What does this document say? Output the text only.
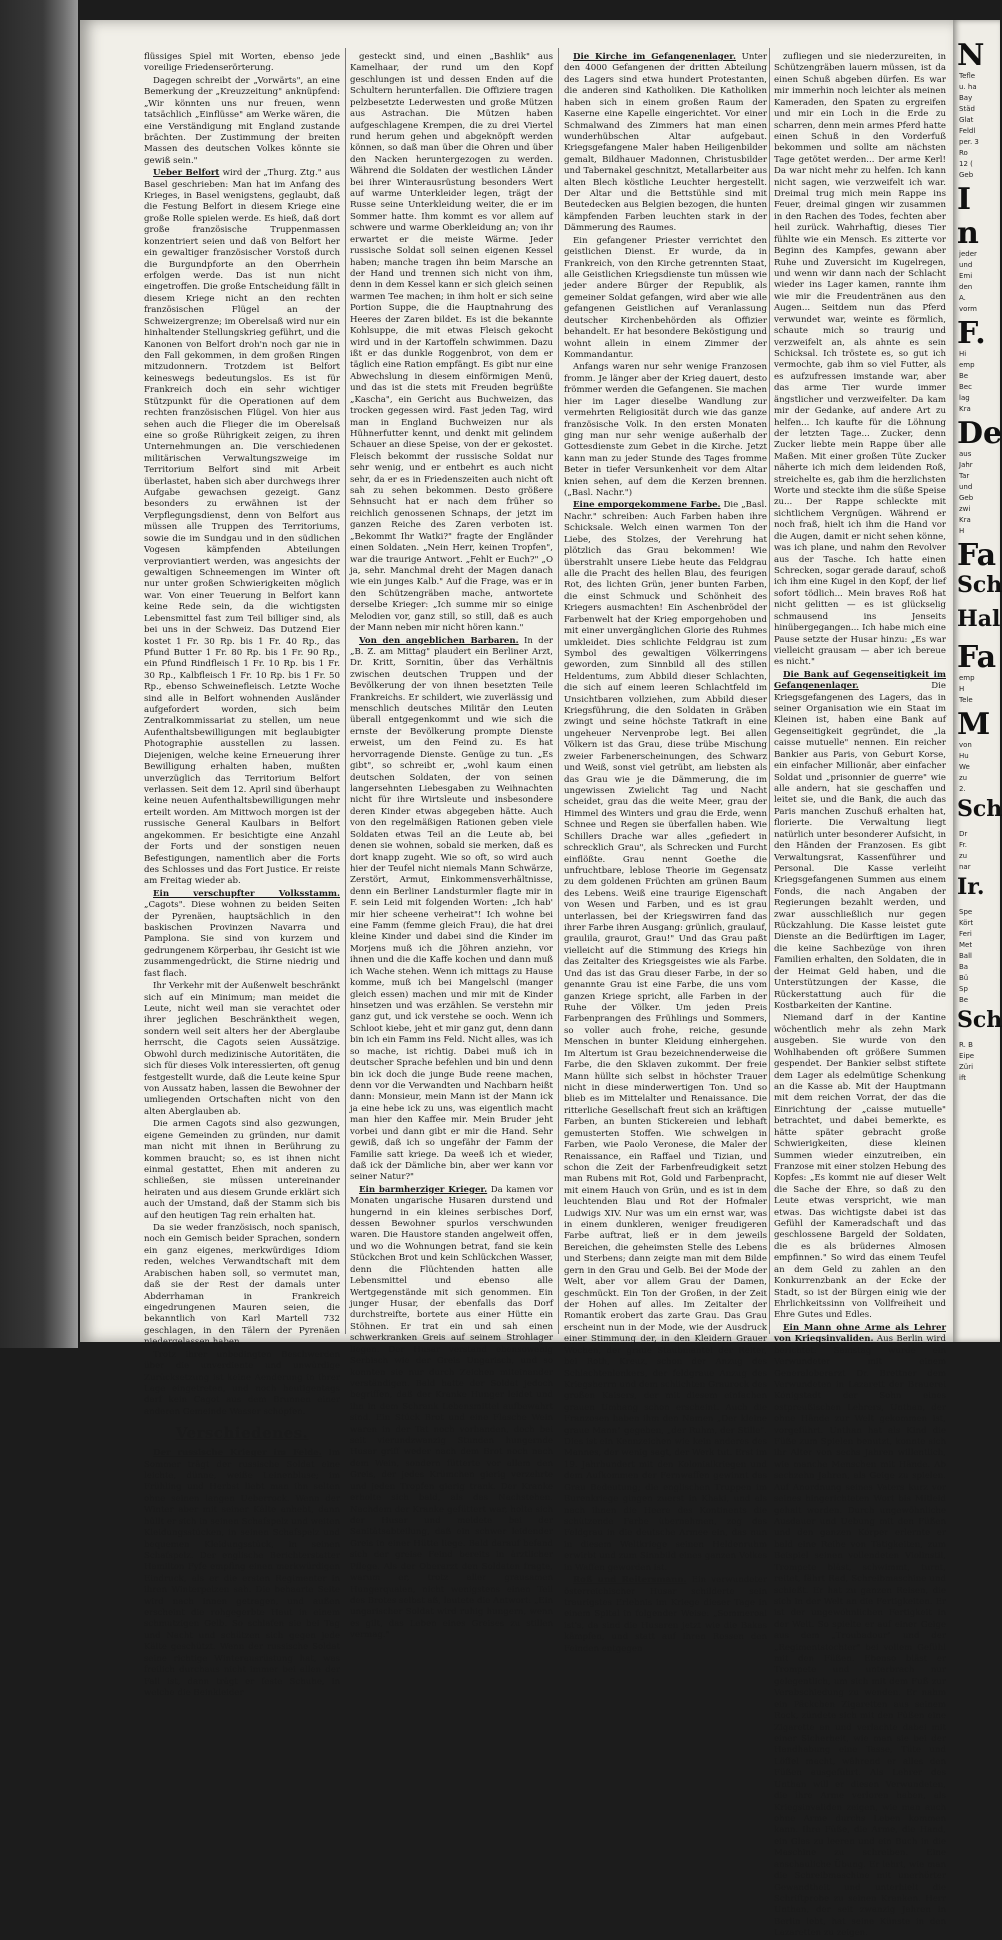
flüssiges Spiel mit Worten, ebenso jede voreilige Friedenserörterung.

Dagegen schreibt der „Vorwärts", an eine Bemerkung der „Kreuzzeitung" anknüpfend: „Wir könnten uns nur freuen, wenn tatsächlich „Einflüsse" am Werke wären, die eine Verständigung mit England zustande brächten. Der Zustimmung der breiten Massen des deutschen Volkes könnte sie gewiß sein."

Ueber Belfort wird der „Thurg. Ztg." aus Basel geschrieben: Man hat im Anfang des Krieges, in Basel wenigstens, geglaubt, daß die Festung Belfort in diesem Kriege eine große Rolle spielen werde. Es hieß, daß dort große französische Truppenmassen konzentriert seien und daß von Belfort her ein gewaltiger französischer Vorstoß durch die Burgundpforte an den Oberrhein erfolgen werde. Das ist nun nicht eingetroffen. Die große Entscheidung fällt in diesem Kriege nicht an den rechten französischen Flügel an der Schweizergrenze; im Oberelsaß wird nur ein hinhaltender Stellungskrieg geführt, und die Kanonen von Belfort droh'n noch gar nie in den Fall gekommen, in dem großen Ringen mitzudonnern. Trotzdem ist Belfort keineswegs bedeutungslos. Es ist für Frankreich doch ein sehr wichtiger Stützpunkt für die Operationen auf dem rechten französischen Flügel. Von hier aus sehen auch die Flieger die im Oberelsaß eine so große Rührigkeit zeigen, zu ihren Unternehmungen an. Die verschiedenen militärischen Verwaltungszweige im Territorium Belfort sind mit Arbeit überlastet, haben sich aber durchwegs ihrer Aufgabe gewachsen gezeigt. Ganz besonders zu erwähnen ist der Verpflegungsdienst, denn von Belfort aus müssen alle Truppen des Territoriums, sowie die im Sundgau und in den südlichen Vogesen kämpfenden Abteilungen verproviantiert werden, was angesichts der gewaltigen Schneemengen im Winter oft nur unter großen Schwierigkeiten möglich war. Von einer Teuerung in Belfort kann keine Rede sein, da die wichtigsten Lebensmittel fast zum Teil billiger sind, als bei uns in der Schweiz. Das Dutzend Eier kostet 1 Fr. 30 Rp. bis 1 Fr. 40 Rp., das Pfund Butter 1 Fr. 80 Rp. bis 1 Fr. 90 Rp., ein Pfund Rindfleisch 1 Fr. 10 Rp. bis 1 Fr. 30 Rp., Kalbfleisch 1 Fr. 10 Rp. bis 1 Fr. 50 Rp., ebenso Schweinefleisch. Letzte Woche sind alle in Belfort wohnenden Ausländer aufgefordert worden, sich beim Zentralkommissariat zu stellen, um neue Aufenthaltsbewilligungen mit beglaubigter Photographie ausstellen zu lassen. Diejenigen, welche keine Erneuerung ihrer Bewilligung erhalten haben, mußten unverzüglich das Territorium Belfort verlassen. Seit dem 12. April sind überhaupt keine neuen Aufenthaltsbewilligungen mehr erteilt worden. Am Mittwoch morgen ist der russische General Kaulbars in Belfort angekommen. Er besichtigte eine Anzahl der Forts und der sonstigen neuen Befestigungen, namentlich aber die Forts des Schlosses und das Fort Justice. Er reiste am Freitag wieder ab.

Ein verschupfter Volksstamm. „Cagots". Diese wohnen zu beiden Seiten der Pyrenäen, hauptsächlich in den baskischen Provinzen Navarra und Pamplona. Sie sind von kurzem und gedrungenem Körperbau, ihr Gesicht ist wie zusammengedrückt, die Stirne niedrig und fast flach.

Ihr Verkehr mit der Außenwelt beschränkt sich auf ein Minimum; man meidet die Leute, nicht weil man sie verachtet oder ihrer jeglichen Beschränktheit wegen, sondern weil seit alters her der Aberglaube herrscht, die Cagots seien Aussätzige. Obwohl durch medizinische Autoritäten, die sich für dieses Volk interessierten, oft genug festgestellt wurde, daß die Leute keine Spur von Aussatz haben, lassen die Bewohner der umliegenden Ortschaften nicht von den alten Aberglauben ab.

Die armen Cagots sind also gezwungen, eigene Gemeinden zu gründen, nur damit man nicht mit ihnen in Berührung zu kommen braucht; so, es ist ihnen nicht einmal gestattet, Ehen mit anderen zu schließen, sie müssen untereinander heiraten und aus diesem Grunde erklärt sich auch der Umstand, daß der Stamm sich bis auf den heutigen Tag rein erhalten hat.

Da sie weder französisch, noch spanisch, noch ein Gemisch beider Sprachen, sondern ein ganz eigenes, merkwürdiges Idiom reden, welches Verwandtschaft mit dem Arabischen haben soll, so vermutet man, daß sie der Rest der damals unter Abderrhaman in Frankreich eingedrungenen Mauren seien, die bekanntlich von Karl Martell 732 geschlagen, in den Tälern der Pyrenäen niedergelassen haben.

Trotz ihrer unbedingten Beschwerden über die unverdiente und unwürdige Zurücksetzung ist keine Aenderung in ihrer Lage eingetreten, und noch heutigentags darf kein Cagot aus dem Brunnen einer anderen Gemeinde Wasser schöpfen.

Verschiedenes.

Der russische Krieger im Felde. Im Sommer trägt der russische Soldat eine leichte, dünne, weiße Leinenbluse; im Frühling und Herbst liebt man ihn selten ohne seinen langen Ueberrock. Wenn der Winter aber mit seiner Kälte anhebt, dann hüllt er sich in seinen Schafspelz und weiten Kleidungsstücken, in seinen Schafspelz und bequemen Kleidungsstück, in seinen Schafspelz. Der englische Berichterstatter Hamilton Fyfe empfing einen merkwürdigen Eindruck, als er die ersten Regimenter in ihren Winterpelzen sah. Die behaarte Seite wird nach innen getragen, und außen erscheint die rohgegerbte Haut in einem schmutzigen Gelb. So schlafen sie bei Tag und Nacht und schützen sich gegen jede Kälte geschützt. Wenn der russische Soldat seine richtige Winterausrüstung hat, was freilich durchaus nicht immer bei allen der Fall ist, dann trägt er feste Schuhe, in welche die Beinkleider

gesteckt sind, und einen „Bashlik" aus Kamelhaar, der rund um den Kopf geschlungen ist und dessen Enden auf die Schultern herunterfallen. Die Offiziere tragen pelzbesetzte Lederwesten und große Mützen aus Astrachan. Die Mützen haben aufgeschlagene Krempen, die zu drei Viertel rund herum gehen und abgeknöpft werden können, so daß man über die Ohren und über den Nacken heruntergezogen zu werden. Während die Soldaten der westlichen Länder bei ihrer Winterausrüstung besonders Wert auf warme Unterkleider legen, trägt der Russe seine Unterkleidung weiter, die er im Sommer hatte. Ihm kommt es vor allem auf schwere und warme Oberkleidung an; von ihr erwartet er die meiste Wärme. Jeder russische Soldat soll seinen eigenen Kessel haben; manche tragen ihn beim Marsche an der Hand und trennen sich nicht von ihm, denn in dem Kessel kann er sich gleich seinen warmen Tee machen; in ihm holt er sich seine Portion Suppe, die die Hauptnahrung des Heeres der Zaren bildet. Es ist die bekannte Kohlsuppe, die mit etwas Fleisch gekocht wird und in der Kartoffeln schwimmen. Dazu ißt er das dunkle Roggenbrot, von dem er täglich eine Ration empfängt. Es gibt nur eine Abwechslung in diesem einförmigen Menü, und das ist die stets mit Freuden begrüßte „Kascha", ein Gericht aus Buchweizen, das trocken gegessen wird. Fast jeden Tag, wird man in England Buchweizen nur als Hühnerfutter kennt, und denkt mit gelindem Schauer an diese Speise, von der er gekostet. Fleisch bekommt der russische Soldat nur sehr wenig, und er entbehrt es auch nicht sehr, da er es in Friedenszeiten auch nicht oft sah zu sehen bekommen. Desto größere Sehnsucht hat er nach dem früher so reichlich genossenen Schnaps, der jetzt im ganzen Reiche des Zaren verboten ist. „Bekommt Ihr Watki?" fragte der Engländer einen Soldaten. „Nein Herr, keinen Tropfen", war die traurige Antwort. „Fehlt er Euch?" „O ja, sehr. Manchmal dreht der Magen danach wie ein junges Kalb." Auf die Frage, was er in den Schützengräben mache, antwortete derselbe Krieger: „Ich summe mir so einige Melodien vor, ganz still, so still, daß es auch der Mann neben mir nicht hören kann."

Von den angeblichen Barbaren. In der „B. Z. am Mittag" plaudert ein Berliner Arzt, Dr. Kritt, Sornitin, über das Verhältnis zwischen deutschen Truppen und der Bevölkerung der von ihnen besetzten Teile Frankreichs. Er schildert, wie zuverlässig und menschlich deutsches Militär den Leuten überall entgegenkommt und wie sich die ernste der Bevölkerung prompte Dienste erweist, um den Feind zu. Es hat hervorragende Dienste. Genüge zu tun. „Es gibt", so schreibt er, „wohl kaum einen deutschen Soldaten, der von seinen langersehnten Liebesgaben zu Weihnachten nicht für ihre Wirtsleute und insbesondere deren Kinder etwas abgegeben hätte. Auch von den regelmäßigen Rationen geben viele Soldaten etwas Teil an die Leute ab, bei denen sie wohnen, sobald sie merken, daß es dort knapp zugeht. Wie so oft, so wird auch hier der Teufel nicht niemals Mann Schwärze, Zerstört, Armut, Einkommensverhältnisse, denn ein Berliner Landsturmler flagte mir in F. sein Leid mit folgenden Worten: „Ich hab' mir hier scheene verheirat"! Ich wohne bei eine Famm (femme gleich Frau), die hat drei kleine Kinder und dabei sind die Kinder im Morjens muß ich die Jöhren anziehn, vor ihnen und die die Kaffe kochen und dann muß ich Wache stehen. Wenn ich mittags zu Hause komme, muß ich bei Mangelschl (manger gleich essen) machen und mir mit de Kinder hinsetzen und was erzählen. Se verstehn mir ganz gut, und ick verstehe se ooch. Wenn ich Schloot kiebe, jeht et mir ganz gut, denn dann bin ich ein Famm ins Feld. Nicht alles, was ich so mache, ist richtig. Dabei muß ich in deutscher Sprache befehlen und bin und denn bin ick doch die junge Bude reene machen, denn vor die Verwandten und Nachbarn heißt dann: Monsieur, mein Mann ist der Mann ick ja eine hebe ick zu uns, was eigentlich macht man hier den Kaffee mir. Mein Bruder jeht vorbei und dann gibt er mir die Hand. Sehr gewiß, daß ich so ungefähr der Famm der Familie satt kriege. Da weeß ich et wieder, daß ick der Dämliche bin, aber wer kann vor seiner Natur?"

Ein barmherziger Krieger. Da kamen vor Monaten ungarische Husaren durstend und hungernd in ein kleines serbisches Dorf, dessen Bewohner spurlos verschwunden waren. Die Haustore standen angelweit offen, und wo die Wohnungen betrat, fand sie kein Stückchen Brot und kein Schlückchen Wasser, denn die Flüchtenden hatten alle Lebensmittel und ebenso alle Wertgegenstände mit sich genommen. Ein junger Husar, der ebenfalls das Dorf durchstreifte, bortete aus einer Hütte ein Stöhnen. Er trat ein und sah einen schwerkranken Greis auf seinem Strohlager liegen. Der Husar verstand ebensowenig Serbisch wie der Greis Ungarisch, und so konnten sie nur durch Zeichen miteinander verständigen. Bald hatte der Soldat jedoch begriffen, daß der Kranke Hunger leidet und ihn in dem Schrank Lebensmittel aufbewahrt sind. Ein Stück Brot und eine Flasche Wein waren in der Tat noch vorhanden, doch bei seit vierundzwanzig Stunden hungernde Husar griff weder nach dem Brot noch nach dem Wein, sondern fütterte vor allem den Greis, der jedes Krümchen gierig verzehrte und jeden Tropfen gierig trank. Der Kranke erholte sich bald, als das Nachstehen. Nachdem der Kranke gefüttert war, holte sich der Husar und meldete bei der Sanitätsabteilung, daß ein schwer leidender Greis in einer Hütte liege. Bald darauf befand sich der greise Feind bereits in ärztlicher Pflege. Als der Oberarzt den Soldaten fragte, warum er, trotz aller grausamen Hungerqualen, nicht wenigstens einen Teil des Brotes selbst aß, lautete die Antwort: „Ein ungarischer Soldat wird ruhig hungern, wenn es gilt, das Leben eines Greises zu stillen vermag."

Die Kirche im Gefangenenlager. Unter den 4000 Gefangenen der dritten Abteilung des Lagers sind etwa hundert Protestanten, die anderen sind Katholiken. Die Katholiken haben sich in einem großen Raum der Kaserne eine Kapelle eingerichtet. Vor einer Schmalwand des Zimmers hat man einen wunderhübschen Altar aufgebaut. Kriegsgefangene Maler haben Heiligenbilder gemalt, Bildhauer Madonnen, Christusbilder und Tabernakel geschnitzt, Metallarbeiter aus alten Blech köstliche Leuchter hergestellt. Der Altar und die Bettstühle sind mit Beutedecken aus Belgien bezogen, die hunten kämpfenden Farben leuchten stark in der Dämmerung des Raumes.

Ein gefangener Priester verrichtet den geistlichen Dienst. Er wurde, da in Frankreich, von den Kirche getrennten Staat, alle Geistlichen Kriegsdienste tun müssen wie jeder andere Bürger der Republik, als gemeiner Soldat gefangen, wird aber wie alle gefangenen Geistlichen auf Veranlassung deutscher Kirchenbehörden als Offizier behandelt. Er hat besondere Beköstigung und wohnt allein in einem Zimmer der Kommandantur.

Anfangs waren nur sehr wenige Franzosen fromm. Je länger aber der Krieg dauert, desto frömmer werden die Gefangenen. Sie machen hier im Lager dieselbe Wandlung zur vermehrten Religiosität durch wie das ganze französische Volk. In den ersten Monaten ging man nur sehr wenige außerhalb der Gottesdienste zum Gebet in die Kirche. Jetzt kann man zu jeder Stunde des Tages fromme Beter in tiefer Versunkenheit vor dem Altar knien sehen, auf dem die Kerzen brennen. („Basl. Nachr.")

Eine emporgekommene Farbe. Die „Basl. Nachr." schreiben: Auch Farben haben ihre Schicksale. Welch einen warmen Ton der Liebe, des Stolzes, der Verehrung hat plötzlich das Grau bekommen! Wie überstrahlt unsere Liebe heute das Feldgrau alle die Pracht des hellen Blau, des feurigen Rot, des lichten Grün, jener bunten Farben, die einst Schmuck und Schönheit des Kriegers ausmachten! Ein Aschenbrödel der Farbenwelt hat der Krieg emporgehoben und mit einer unvergänglichen Glorie des Ruhmes umkleidet. Dies schlichte Feldgrau ist zum Symbol des gewaltigen Völkerringens geworden, zum Sinnbild all des stillen Heldentums, zum Abbild dieser Schlachten, die sich auf einem leeren Schlachtfeld im Unsichtbaren vollziehen, zum Abbild dieser Kriegsführung, die den Soldaten in Gräben zwingt und seine höchste Tatkraft in eine ungeheuer Nervenprobe legt. Bei allen Völkern ist das Grau, diese trübe Mischung zweier Farbenerscheinungen, des Schwarz und Weiß, sonst viel getrübt, am liebsten als das Grau wie je die Dämmerung, die im ungewissen Zwielicht Tag und Nacht scheidet, grau das die weite Meer, grau der Himmel des Winters und grau die Erde, wenn Schnee und Regen sie überfallen haben. Wie Schillers Drache war alles „gefiedert in schrecklich Grau", als Schrecken und Furcht einflößte. Grau nennt Goethe die unfruchtbare, leblose Theorie im Gegensatz zu dem goldenen Früchten am grünen Baum des Lebens. Weiß eine traurige Eigenschaft von Wesen und Farben, und es ist grau unterlassen, bei der Kriegswirren fand das ihrer Farbe ihren Ausgang: grünlich, graulauf, graulila, graurot, Grau!" Und das Grau paßt vielleicht auf die Stimmung des Kriegs hin das Zeitalter des Kriegsgeistes wie als Farbe. Und das ist das Grau dieser Farbe, in der so genannte Grau ist eine Farbe, die uns vom ganzen Kriege spricht, alle Farben in der Ruhe der Völker. Um jeden Preis Farbenprangen des Frühlings und Sommers, so voller auch frohe, reiche, gesunde Menschen in bunter Kleidung einhergehen. Im Altertum ist Grau bezeichnenderweise die Farbe, die den Sklaven zukommt. Der freie Mann hüllte sich selbst in höchster Trauer nicht in diese minderwertigen Ton. Und so blieb es im Mittelalter und Renaissance. Die ritterliche Gesellschaft freut sich an kräftigen Farben, an bunten Stickereien und lebhaft gemusterten Stoffen. Wie schwelgen in Farben, wie Paolo Veronese, die Maler der Renaissance, ein Raffael und Tizian, und schon die Zeit der Farbenfreudigkeit setzt man Rubens mit Rot, Gold und Farbenpracht, mit einem Hauch von Grün, und es ist in dem leuchtenden Blau und Rot der Hofmaler Ludwigs XIV. Nur was um ein ernst war, was in einem dunkleren, weniger freudigeren Farbe auftrat, ließ er in dem jeweils Bereichen, die geheimsten Stelle des Lebens und Sterbens; dann zeigte man mit dem Bilde gern in den Grau und Gelb. Bei der Mode der Welt, aber vor allem Grau der Damen, geschmückt. Ein Ton der Großen, in der Zeit der Hohen auf alles. Im Zeitalter der Romantik erobert das zarte Grau. Das Grau erscheint nun in der Mode, wie der Ausdruck einer Stimmung der, in den Kleidern Grauer Wochen, der graue Staubmantel der Reiter, bei Roth, Kreuz, schon der Anzug des Schlachtenlenkers, der feldgraue Anzug des Kriegsherrn und dem schlichten Graurock des großen Kaisers, der mit diesem einfachen grauen Umhang schon erscheint. Auch die Franzosen haben ihm den Namen „Der kleine graue Mann" gegeben, „der Ruhm, der Stille". Dies ist ein Kennzeichen wie kein anderes des Mannes, der wenig sagt, der Werk tut. Erst im 19. Jahrhundert mit den Kolonialkriegen und dem Aufkommen der Fernwaffen gewinnt das Grau Bedeutung; die englischen Truppen im Burenkriege gingen zuerst in Khaki, und als nach ihnen die Heere des Kontinents die schützende Farbe übernahmen, zog das Feldgrau in die deutsche Armee ein, das nun in diesem Weltkriege seinen Heldenruhm erwirbt und zum Sinnbild eines ganzen Volkes in Waffen geworden ist.

Roß und Reitersmann. Ein verwundeter österreichischer Husar schilderte sein traurigstes Erlebnis im Kriege dieser Tage in einem Spital in folgender Weise: „Sommeroal ist's, da sind die Husaren jetzt wie die Bakas kämpfen, und statt auf ihren Rossen den Feinden entgegen

zufliegen und sie niederzureiten, in Schützengräben lauern müssen, ist da einen Schuß abgeben dürfen. Es war mir immerhin noch leichter als meinen Kameraden, den Spaten zu ergreifen und mir ein Loch in die Erde zu scharren, denn mein armes Pferd hatte einen Schuß in den Vorderfuß bekommen und sollte am nächsten Tage getötet werden... Der arme Kerl! Da war nicht mehr zu helfen. Ich kann nicht sagen, wie verzweifelt ich war. Dreimal trug mich mein Rappe ins Feuer, dreimal gingen wir zusammen in den Rachen des Todes, fechten aber heil zurück. Wahrhaftig, dieses Tier fühlte wie ein Mensch. Es zitterte vor Beginn des Kampfes, gewann aber Ruhe und Zuversicht im Kugelregen, und wenn wir dann nach der Schlacht wieder ins Lager kamen, rannte ihm wie mir die Freudentränen aus den Augen... Seitdem nun das Pferd verwundet war, weinte es förmlich, schaute mich so traurig und verzweifelt an, als ahnte es sein Schicksal. Ich tröstete es, so gut ich vermochte, gab ihm so viel Futter, als es aufzufressen imstande war, aber das arme Tier wurde immer ängstlicher und verzweifelter. Da kam mir der Gedanke, auf andere Art zu helfen... Ich kaufte für die Löhnung der letzten Tage... Zucker, denn Zucker liebte mein Rappe über alle Maßen. Mit einer großen Tüte Zucker näherte ich mich dem leidenden Roß, streichelte es, gab ihm die herzlichsten Worte und steckte ihm die süße Speise zu... Der Rappe schleckte mit sichtlichem Vergnügen. Während er noch fraß, hielt ich ihm die Hand vor die Augen, damit er nicht sehen könne, was ich plane, und nahm den Revolver aus der Tasche. Ich hatte einen Schrecken, sogar gerade darauf, schoß ich ihm eine Kugel in den Kopf, der lief sofort tödlich... Mein braves Roß hat nicht gelitten — es ist glückselig schmausend ins Jenseits hinübergegangen... Ich habe mich eine Pause setzte der Husar hinzu: „Es war vielleicht grausam — aber ich bereue es nicht."

Die Bank auf Gegenseitigkeit im Gefangenenlager. Die Kriegsgefangenen des Lagers, das in seiner Organisation wie ein Staat im Kleinen ist, haben eine Bank auf Gegenseitigkeit gegründet, die „la caisse mutuelle" nennen. Ein reicher Bankier aus Paris, von Geburt Korse, ein einfacher Millionär, aber einfacher Soldat und „prisonnier de guerre" wie alle andern, hat sie geschaffen und leitet sie, und die Bank, die auch das Paris manchen Zuschuß erhalten hat, florierte. Die Verwaltung liegt natürlich unter besonderer Aufsicht, in den Händen der Franzosen. Es gibt Verwaltungsrat, Kassenführer und Personal. Die Kasse verleiht Kriegsgefangenen Summen aus einem Fonds, die nach Angaben der Regierungen bezahlt werden, und zwar ausschließlich nur gegen Rückzahlung. Die Kasse leistet gute Dienste an die Bedürftigen im Lager, die keine Sachbezüge von ihren Familien erhalten, den Soldaten, die in der Heimat Geld haben, und die Unterstützungen der Kasse, die Rückerstattung auch für die Kostbarkeiten der Kantine.

Niemand darf in der Kantine wöchentlich mehr als zehn Mark ausgeben. Sie wurde von den Wohlhabenden oft größere Summen gespendet. Der Bankier selbst stiftete dem Lager als edelmütige Schenkung an die Kasse ab. Mit der Hauptmann mit dem reichen Vorrat, der das die Einrichtung der „caisse mutuelle" betrachtet, und dabei bemerkte, es hätte später gebracht große Schwierigkeiten, diese kleinen Summen wieder einzutreiben, ein Franzose mit einer stolzen Hebung des Kopfes: „Es kommt nie auf dieser Welt die Sache der Ehre, so daß zu den Leute etwas verspricht, wie man etwas. Das wichtigste dabei ist das Gefühl der Kameradschaft und das geschlossene Bargeld der Soldaten, die es als brüdernes Almosen empfinnen." So wird das einem Teufel an dem Geld zu zahlen an den Konkurrenzbank an der Ecke der Stadt, so ist der Bürgen einig wie der Ehrlichkeitssinn von Vollfreiheit und Ehre Gutes und Edles.

Ein Mann ohne Arme als Lehrer von Kriegsinvaliden. Aus Berlin wird berichtet: Samstag wurde ein Verwundeter mit einem Generaloberarzt Dr. Brettner dem Verwundeten in Lazarett der Brauerei Königstadt der Sohn eines ostpreußischen Lehrers, Unthan, der ohne Hände zur Welt gekommen ist, vorgeführt. Unthan hat als Kind die Füße zum Spielen benutzt, konnte sich ihr Alter von sechs Jahren willentlich, wie manche Menschen mit Hände. Ab sechzehn Jahren, als Geige zu spielen. Auf Anordnung seines Vaters kurz vor seines hingerichteten Wort bis Mitleid gehalt worden. Durch ungewöhnliche Ausdauer und Uebung mit den Füßen und den ganzen Körper erlernte er bald eine Reihe von Tätigkeiten, zum Beispiel seinen vollendeten Violinstil, Trompete bläst, schwimmt, turnt, reitet, fährt Rad, Schreibmaschine und schießt. Er hat zu ganzen Reisen, die sich in der Welt an die Fertigkeiten. Er ist der ungewöhnlichen Fertigkeit in der Welt. So spielte er auf einer Geige aus dem „Troubadour" und der „Regimentstochter" bei vollem Gefühl mit den Füßen. Ebenso bläst er Trompete und unterbrach nur gelegentlich, um sich mit dem Fuß zur Verabschiedung zu wenden. Er nahm ein Päckchen Zigaretten aus seinem Rock, zündete sich mit den Füßen eine Zigarette an und verlachte dabei mit einer Sicherheit, wie man sie bei der Handhabung eine Tasse, Tüte und Löffel macht, während er alles den Füßen ausgeführt. Als Lehrer des Unthan will er diesen Verwundeten, die ihre Arme verloren haben, als Kriegsinvaliden zeigen, wie man auch ohne Arme durchs Leben kommen kann. Ihre Füße, die Arme, die Hand, ein Glas zu leeren und ein Buch in die Maschine zu schreiben. Eine anschauliche Übung. Er lehrt, wie man die Schreibmaschine mit unerhörter Gewandtheit und unterhielt die Schriftprobe zu seinen Kranken. Herr Unthan, der seit zwanzig Jahren in Berlin lebt, hat seine Künste in den Lazaretten zu zeigen.

N
Tefle
u. ha
Bay
Städ
Glat
Feldl
per. 3
Ro
12 (
Geb
I
n
jeder
und
Emi
den
A.
vorm
F.
Hi
emp
Be
Bec
lag
Kra
De
aus
Jahr
Tar
und
Geb
zwi
Kra
H
Fa
Sch
Hal
Fa
emp
H
Tele
M
von
Hu
We
zu
2.
Sch
Dr
Fr.
zu
nar
Ir.
Spe
Kört
Feri
Met
Ball
Ba
Bü
Sp
Be
Sch
R. B
Eipe
Züri
ift
